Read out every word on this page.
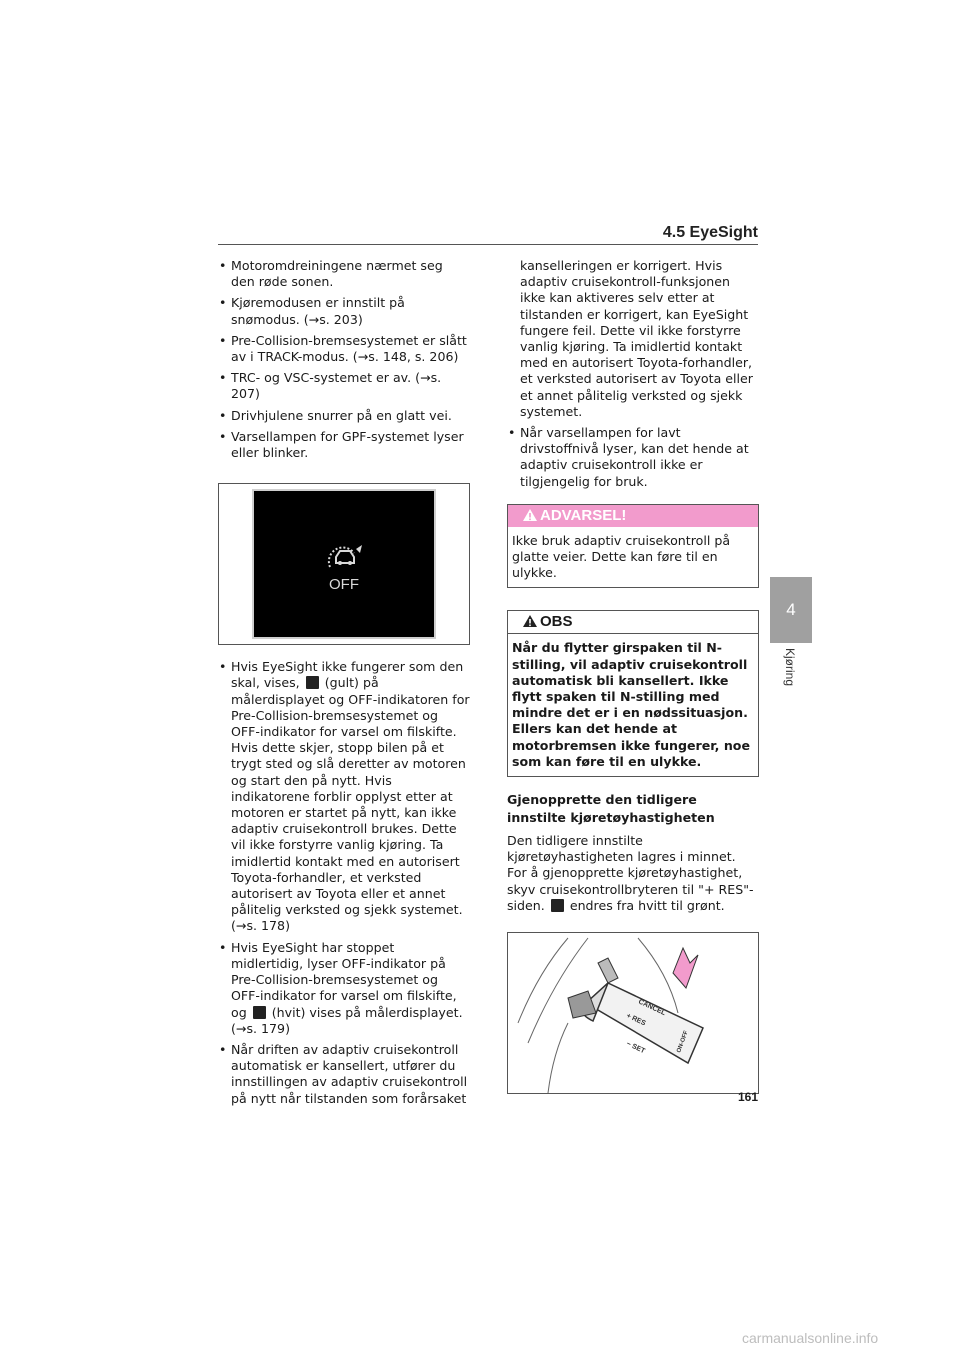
4.5 EyeSight
4
Kjøring
• Motoromdreiningene nærmet seg den røde sonen.
• Kjøremodusen er innstilt på snømodus. (→s. 203)
• Pre-Collision-bremsesystemet er slått av i TRACK-modus. (→s. 148, s. 206)
• TRC- og VSC-systemet er av. (→s. 207)
• Drivhjulene snurrer på en glatt vei.
• Varsellampen for GPF-systemet lyser eller blinker.
OFF
• Hvis EyeSight ikke fungerer som den skal, vises, (gult) på målerdisplayet og OFF-indikatoren for Pre-Collision-bremsesystemet og OFF-indikator for varsel om filskifte. Hvis dette skjer, stopp bilen på et trygt sted og slå deretter av motoren og start den på nytt. Hvis indikatorene forblir opplyst etter at motoren er startet på nytt, kan ikke adaptiv cruisekontroll brukes. Dette vil ikke forstyrre vanlig kjøring. Ta imidlertid kontakt med en autorisert Toyota-forhandler, et verksted autorisert av Toyota eller et annet pålitelig verksted og sjekk systemet. (→s. 178)
• Hvis EyeSight har stoppet midlertidig, lyser OFF-indikator på Pre-Collision-bremsesystemet og OFF-indikator for varsel om filskifte, og (hvit) vises på målerdisplayet. (→s. 179)
• Når driften av adaptiv cruisekontroll automatisk er kansellert, utfører du innstillingen av adaptiv cruisekontroll på nytt når tilstanden som forårsaket
kanselleringen er korrigert. Hvis adaptiv cruisekontroll-funksjonen ikke kan aktiveres selv etter at tilstanden er korrigert, kan EyeSight fungere feil. Dette vil ikke forstyrre vanlig kjøring. Ta imidlertid kontakt med en autorisert Toyota-forhandler, et verksted autorisert av Toyota eller et annet pålitelig verksted og sjekk systemet.
• Når varsellampen for lavt drivstoffnivå lyser, kan det hende at adaptiv cruisekontroll ikke er tilgjengelig for bruk.
ADVARSEL!
Ikke bruk adaptiv cruisekontroll på glatte veier. Dette kan føre til en ulykke.
OBS
Når du flytter girspaken til N-stilling, vil adaptiv cruisekontroll automatisk bli kansellert. Ikke flytt spaken til N-stilling med mindre det er i en nødssituasjon. Ellers kan det hende at motorbremsen ikke fungerer, noe som kan føre til en ulykke.
Gjenopprette den tidligere innstilte kjøretøyhastigheten
Den tidligere innstilte kjøretøyhastigheten lagres i minnet. For å gjenopprette kjøretøyhastighet, skyv cruisekontrollbryteren til "+ RES"-siden. endres fra hvitt til grønt.
CANCEL
+ RES
− SET	ON-OFF
161
carmanualsonline.info
